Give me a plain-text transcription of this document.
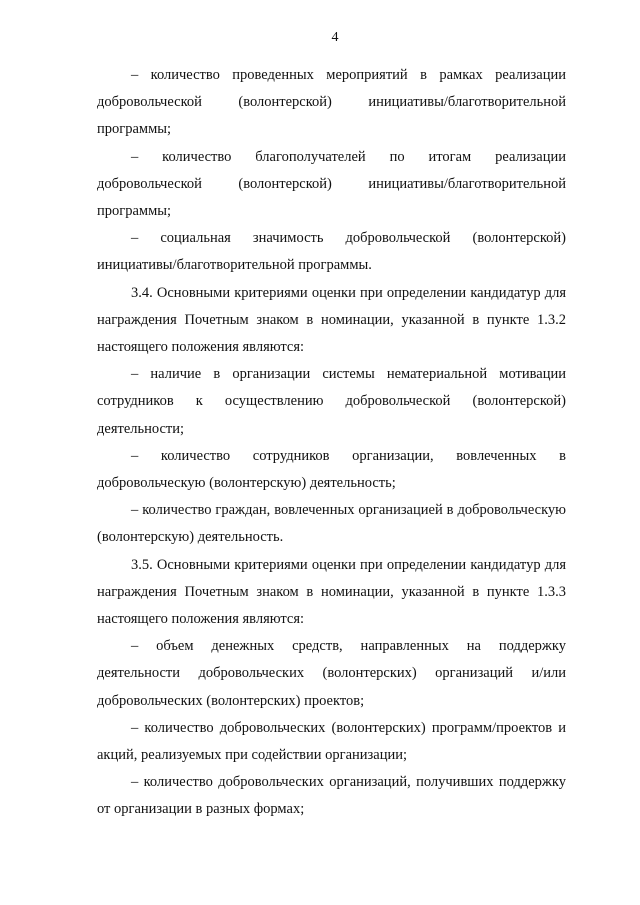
4

– количество проведенных мероприятий в рамках реализации добровольческой (волонтерской) инициативы/благотворительной программы;

– количество благополучателей по итогам реализации добровольческой (волонтерской) инициативы/благотворительной программы;

– социальная значимость добровольческой (волонтерской) инициативы/благотворительной программы.

3.4. Основными критериями оценки при определении кандидатур для награждения Почетным знаком в номинации, указанной в пункте 1.3.2 настоящего положения являются:

– наличие в организации системы нематериальной мотивации сотрудников к осуществлению добровольческой (волонтерской) деятельности;

– количество сотрудников организации, вовлеченных в добровольческую (волонтерскую) деятельность;

– количество граждан, вовлеченных организацией в добровольческую (волонтерскую) деятельность.

3.5. Основными критериями оценки при определении кандидатур для награждения Почетным знаком в номинации, указанной в пункте 1.3.3 настоящего положения являются:

– объем денежных средств, направленных на поддержку деятельности добровольческих (волонтерских) организаций и/или добровольческих (волонтерских) проектов;

– количество добровольческих (волонтерских) программ/проектов и акций, реализуемых при содействии организации;

– количество добровольческих организаций, получивших поддержку от организации в разных формах;
